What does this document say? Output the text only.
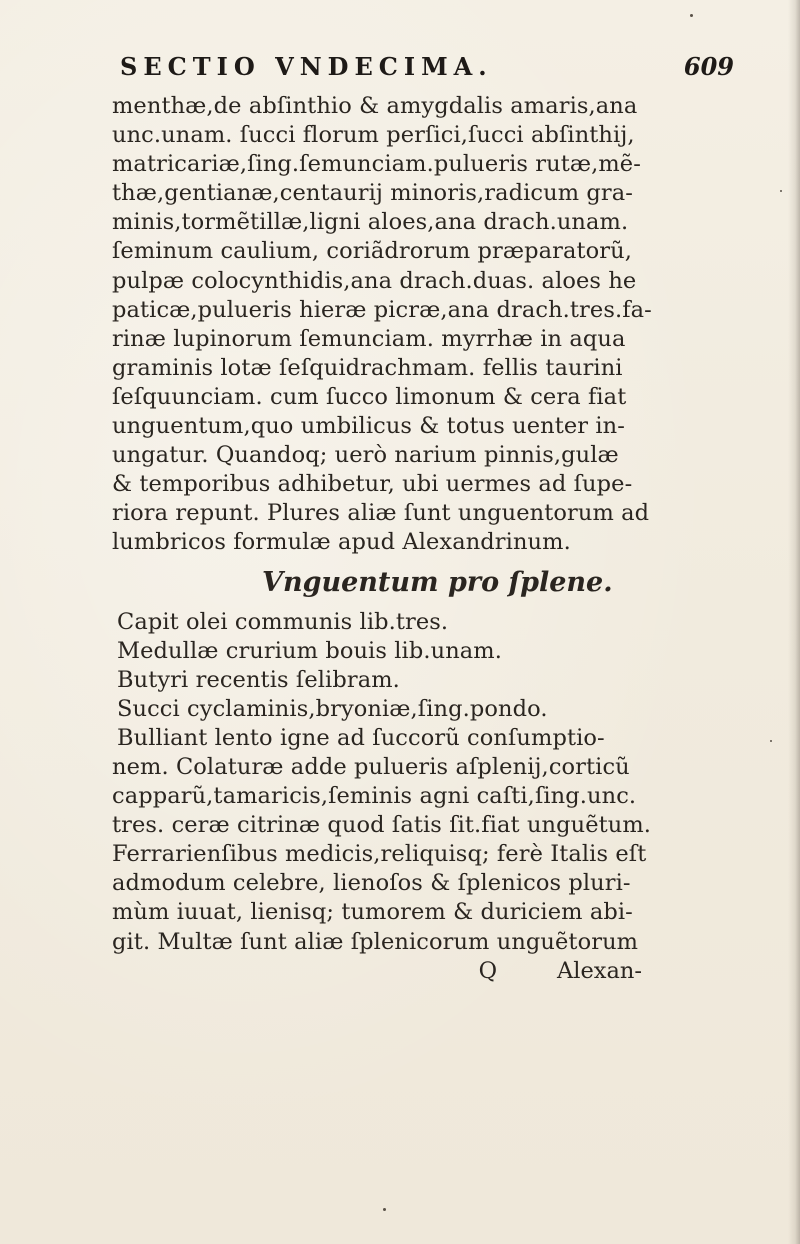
SECTIO VNDECIMA.	609
menthæ,de abſinthio & amygdalis amaris,ana
unc.unam. ſucci florum perſici,ſucci abſinthij,
matricariæ,ſing.ſemunciam.pulueris rutæ,mẽ-
thæ,gentianæ,centaurij minoris,radicum gra-
minis,tormẽtillæ,ligni aloes,ana drach.unam.
ſeminum caulium, coriãdrorum præparatorũ,
pulpæ colocynthidis,ana drach.duas. aloes he
paticæ,pulueris hieræ picræ,ana drach.tres.fa-
rinæ lupinorum ſemunciam. myrrhæ in aqua
graminis lotæ ſeſquidrachmam. fellis taurini
ſeſquunciam. cum ſucco limonum & cera fiat
unguentum,quo umbilicus & totus uenter in-
ungatur. Quandoq; uerò narium pinnis,gulæ
& temporibus adhibetur, ubi uermes ad ſupe-
riora repunt. Plures aliæ ſunt unguentorum ad
lumbricos formulæ apud Alexandrinum.
Vnguentum pro ſplene.
Capit olei communis lib.tres.
Medullæ crurium bouis lib.unam.
Butyri recentis ſelibram.
Succi cyclaminis,bryoniæ,ſing.pondo.
Bulliant lento igne ad ſuccorũ conſumptio-
nem. Colaturæ adde pulueris aſplenij,corticũ
capparũ,tamaricis,ſeminis agni caſti,ſing.unc.
tres. ceræ citrinæ quod ſatis ſit.fiat unguẽtum.
Ferrarienſibus medicis,reliquisq; ferè Italis eſt
admodum celebre, lienoſos & ſplenicos pluri-
mùm iuuat, lienisq; tumorem & duriciem abi-
git. Multæ ſunt aliæ ſplenicorum unguẽtorum
Q	Alexan-
